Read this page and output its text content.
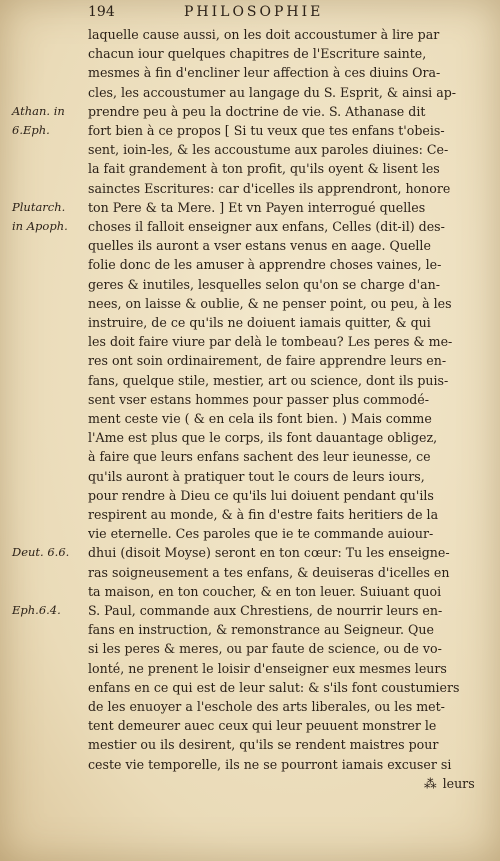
194	PHILOSOPHIE
laquelle cause aussi, on les doit accoustumer à lire par
chacun iour quelques chapitres de l'Escriture sainte,
mesmes à fin d'encliner leur affection à ces diuins Ora-
cles, les accoustumer au langage du S. Esprit, & ainsi ap-
prendre peu à peu la doctrine de vie. S. Athanase dit
fort bien à ce propos [ Si tu veux que tes enfans t'obeis-
sent, ioin-les, & les accoustume aux paroles diuines: Ce-
la fait grandement à ton profit, qu'ils oyent & lisent les
sainctes Escritures: car d'icelles ils apprendront, honore
ton Pere & ta Mere. ] Et vn Payen interrogué quelles
choses il falloit enseigner aux enfans, Celles (dit-il) des-
quelles ils auront a vser estans venus en aage. Quelle
folie donc de les amuser à apprendre choses vaines, le-
geres & inutiles, lesquelles selon qu'on se charge d'an-
nees, on laisse & oublie, & ne penser point, ou peu, à les
instruire, de ce qu'ils ne doiuent iamais quitter, & qui
les doit faire viure par delà le tombeau? Les peres & me-
res ont soin ordinairement, de faire apprendre leurs en-
fans, quelque stile, mestier, art ou science, dont ils puis-
sent vser estans hommes pour passer plus commodé-
ment ceste vie ( & en cela ils font bien. ) Mais comme
l'Ame est plus que le corps, ils font dauantage obligez,
à faire que leurs enfans sachent des leur ieunesse, ce
qu'ils auront à pratiquer tout le cours de leurs iours,
pour rendre à Dieu ce qu'ils lui doiuent pendant qu'ils
respirent au monde, & à fin d'estre faits heritiers de la
vie eternelle. Ces paroles que ie te commande auiour-
dhui (disoit Moyse) seront en ton cœur: Tu les enseigne-
ras soigneusement a tes enfans, & deuiseras d'icelles en
ta maison, en ton coucher, & en ton leuer. Suiuant quoi
S. Paul, commande aux Chrestiens, de nourrir leurs en-
fans en instruction, & remonstrance au Seigneur. Que
si les peres & meres, ou par faute de science, ou de vo-
lonté, ne prenent le loisir d'enseigner eux mesmes leurs
enfans en ce qui est de leur salut: & s'ils font coustumiers
de les enuoyer a l'eschole des arts liberales, ou les met-
tent demeurer auec ceux qui leur peuuent monstrer le
mestier ou ils desirent, qu'ils se rendent maistres pour
ceste vie temporelle, ils ne se pourront iamais excuser si
Athan. in
6.Eph.
Plutarch.
in Apoph.
Deut. 6.6.
Eph.6.4.
⁂ leurs
